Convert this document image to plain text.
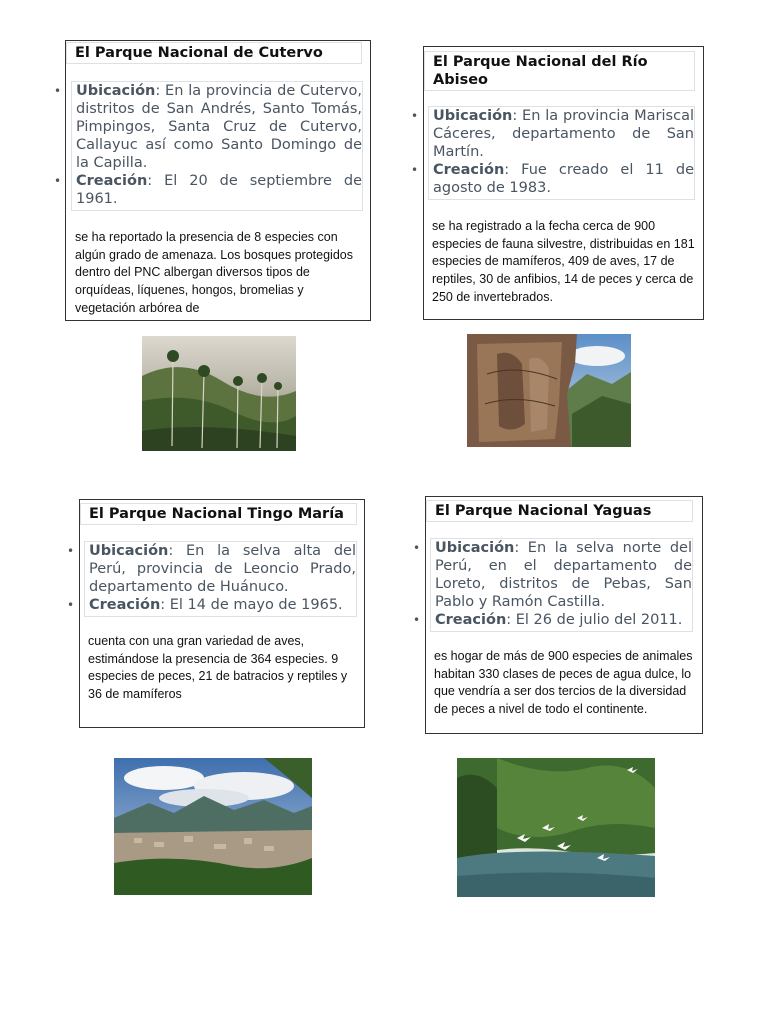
El Parque Nacional de Cutervo
• Ubicación: En la provincia de Cutervo, distritos de San Andrés, Santo Tomás, Pimpingos, Santa Cruz de Cutervo, Callayuc así como Santo Domingo de la Capilla.
• Creación: El 20 de septiembre de 1961.
se ha reportado la presencia de 8 especies con algún grado de amenaza. Los bosques protegidos dentro del PNC albergan diversos tipos de orquídeas, líquenes, hongos, bromelias y vegetación arbórea de
El Parque Nacional del Río Abiseo
• Ubicación: En la provincia Mariscal Cáceres, departamento de San Martín.
• Creación: Fue creado el 11 de agosto de 1983.
se ha registrado a la fecha cerca de 900 especies de fauna silvestre, distribuidas en 181 especies de mamíferos, 409 de aves, 17 de reptiles, 30 de anfibios, 14 de peces y cerca de 250 de invertebrados.
El Parque Nacional Tingo María
• Ubicación: En la selva alta del Perú, provincia de Leoncio Prado, departamento de Huánuco.
• Creación: El 14 de mayo de 1965.
cuenta con una gran variedad de aves, estimándose la presencia de 364 especies. 9 especies de peces, 21 de batracios y reptiles y 36 de mamíferos
El Parque Nacional Yaguas
• Ubicación: En la selva norte del Perú, en el departamento de Loreto, distritos de Pebas, San Pablo y Ramón Castilla.
• Creación: El 26 de julio del 2011.
es hogar de más de 900 especies de animales habitan 330 clases de peces de agua dulce, lo que vendría a ser dos tercios de la diversidad de peces a nivel de todo el continente.
